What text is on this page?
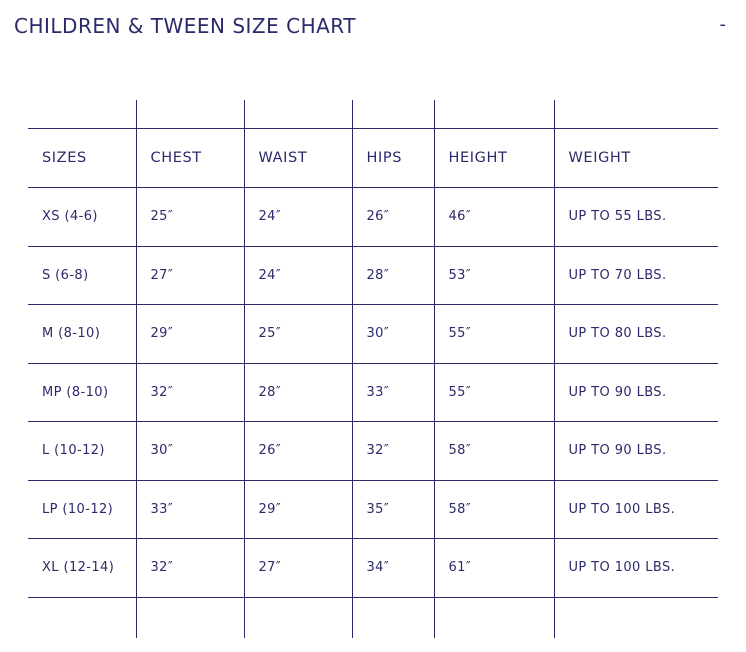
CHILDREN & TWEEN SIZE CHART	-

SIZES	CHEST	WAIST	HIPS	HEIGHT	WEIGHT
XS (4-6)	25″	24″	26″	46″	UP TO 55 LBS.
S (6-8)	27″	24″	28″	53″	UP TO 70 LBS.
M (8-10)	29″	25″	30″	55″	UP TO 80 LBS.
MP (8-10)	32″	28″	33″	55″	UP TO 90 LBS.
L (10-12)	30″	26″	32″	58″	UP TO 90 LBS.
LP (10-12)	33″	29″	35″	58″	UP TO 100 LBS.
XL (12-14)	32″	27″	34″	61″	UP TO 100 LBS.
